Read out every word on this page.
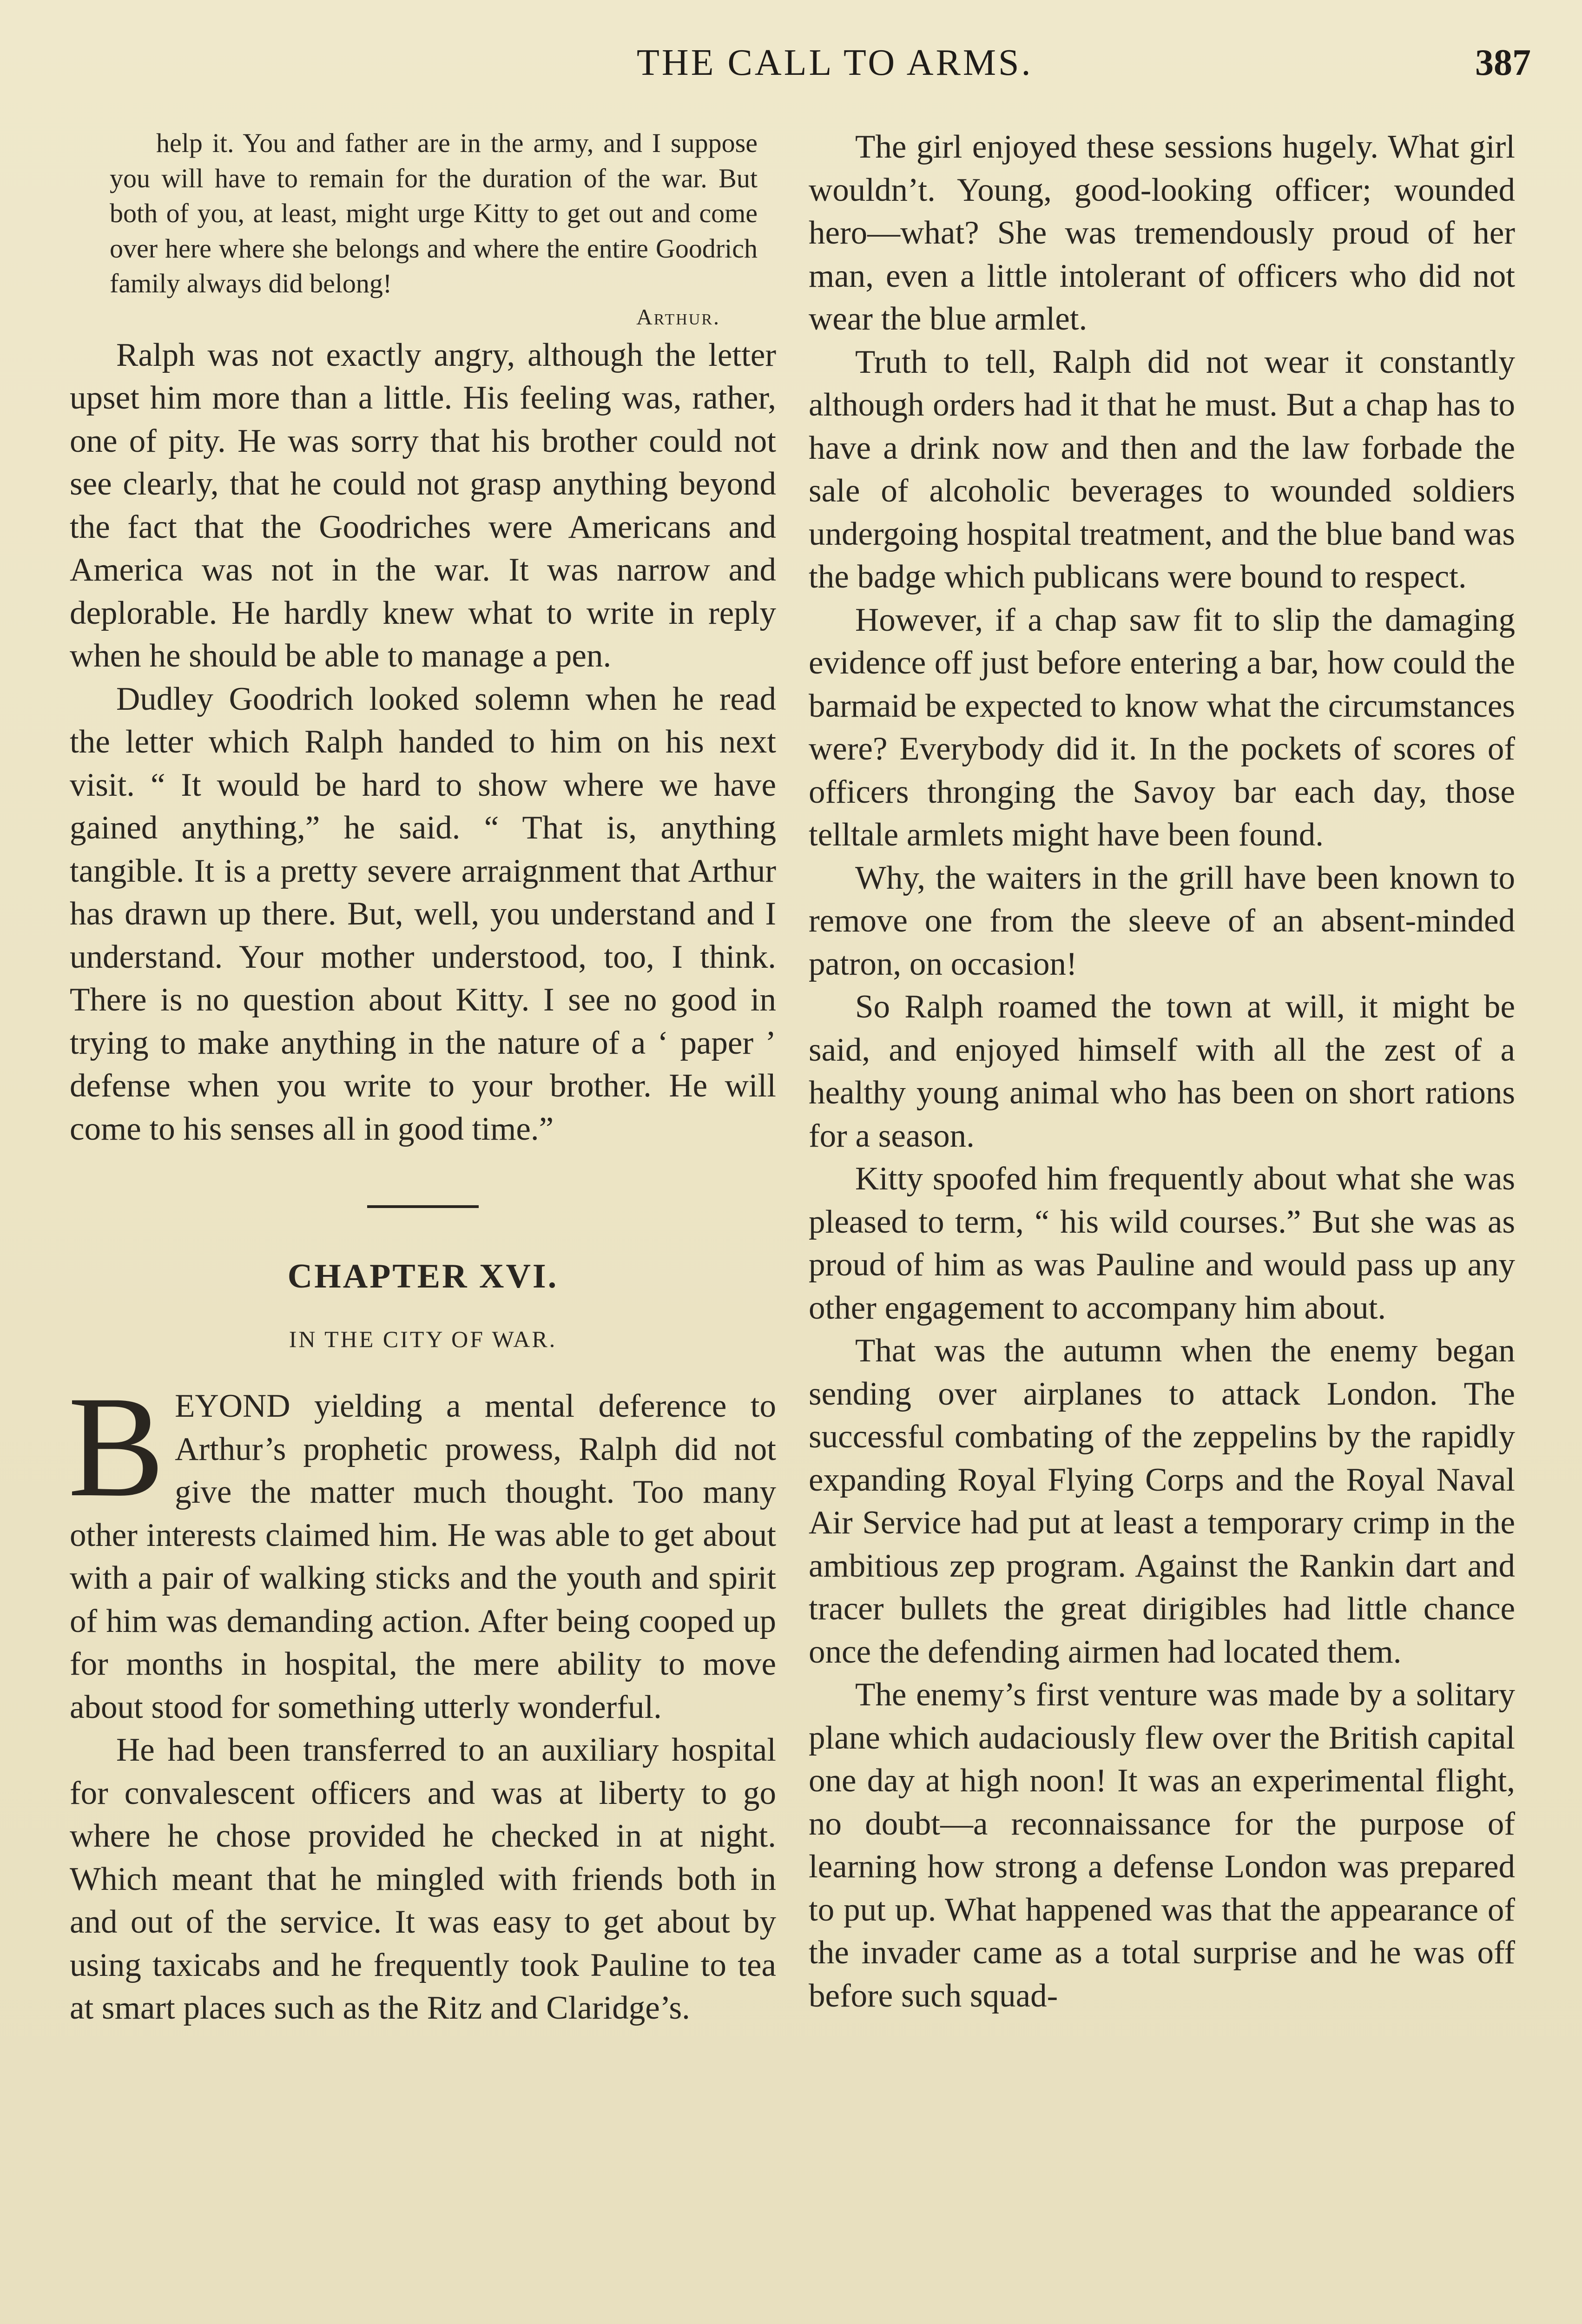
THE CALL TO ARMS.	387

help it. You and father are in the army, and I suppose you will have to remain for the duration of the war. But both of you, at least, might urge Kitty to get out and come over here where she belongs and where the entire Goodrich family always did belong!

Arthur.

Ralph was not exactly angry, although the letter upset him more than a little. His feeling was, rather, one of pity. He was sorry that his brother could not see clearly, that he could not grasp anything beyond the fact that the Goodriches were Americans and America was not in the war. It was narrow and deplorable. He hardly knew what to write in reply when he should be able to manage a pen.

Dudley Goodrich looked solemn when he read the letter which Ralph handed to him on his next visit. “ It would be hard to show where we have gained anything,” he said. “ That is, anything tangible. It is a pretty severe arraignment that Arthur has drawn up there. But, well, you understand and I understand. Your mother understood, too, I think. There is no question about Kitty. I see no good in trying to make anything in the nature of a ‘ paper ’ defense when you write to your brother. He will come to his senses all in good time.”

CHAPTER XVI.
IN THE CITY OF WAR.

BEYOND yielding a mental deference to Arthur’s prophetic prowess, Ralph did not give the matter much thought. Too many other interests claimed him. He was able to get about with a pair of walking sticks and the youth and spirit of him was demanding action. After being cooped up for months in hospital, the mere ability to move about stood for something utterly wonderful.

He had been transferred to an auxiliary hospital for convalescent officers and was at liberty to go where he chose provided he checked in at night. Which meant that he mingled with friends both in and out of the service. It was easy to get about by using taxicabs and he frequently took Pauline to tea at smart places such as the Ritz and Claridge’s.

The girl enjoyed these sessions hugely. What girl wouldn’t. Young, good-looking officer; wounded hero—what? She was tremendously proud of her man, even a little intolerant of officers who did not wear the blue armlet.

Truth to tell, Ralph did not wear it constantly although orders had it that he must. But a chap has to have a drink now and then and the law forbade the sale of alcoholic beverages to wounded soldiers undergoing hospital treatment, and the blue band was the badge which publicans were bound to respect.

However, if a chap saw fit to slip the damaging evidence off just before entering a bar, how could the barmaid be expected to know what the circumstances were? Everybody did it. In the pockets of scores of officers thronging the Savoy bar each day, those telltale armlets might have been found.

Why, the waiters in the grill have been known to remove one from the sleeve of an absent-minded patron, on occasion!

So Ralph roamed the town at will, it might be said, and enjoyed himself with all the zest of a healthy young animal who has been on short rations for a season.

Kitty spoofed him frequently about what she was pleased to term, “ his wild courses.” But she was as proud of him as was Pauline and would pass up any other engagement to accompany him about.

That was the autumn when the enemy began sending over airplanes to attack London. The successful combating of the zeppelins by the rapidly expanding Royal Flying Corps and the Royal Naval Air Service had put at least a temporary crimp in the ambitious zep program. Against the Rankin dart and tracer bullets the great dirigibles had little chance once the defending airmen had located them.

The enemy’s first venture was made by a solitary plane which audaciously flew over the British capital one day at high noon! It was an experimental flight, no doubt—a reconnaissance for the purpose of learning how strong a defense London was prepared to put up. What happened was that the appearance of the invader came as a total surprise and he was off before such squad-
